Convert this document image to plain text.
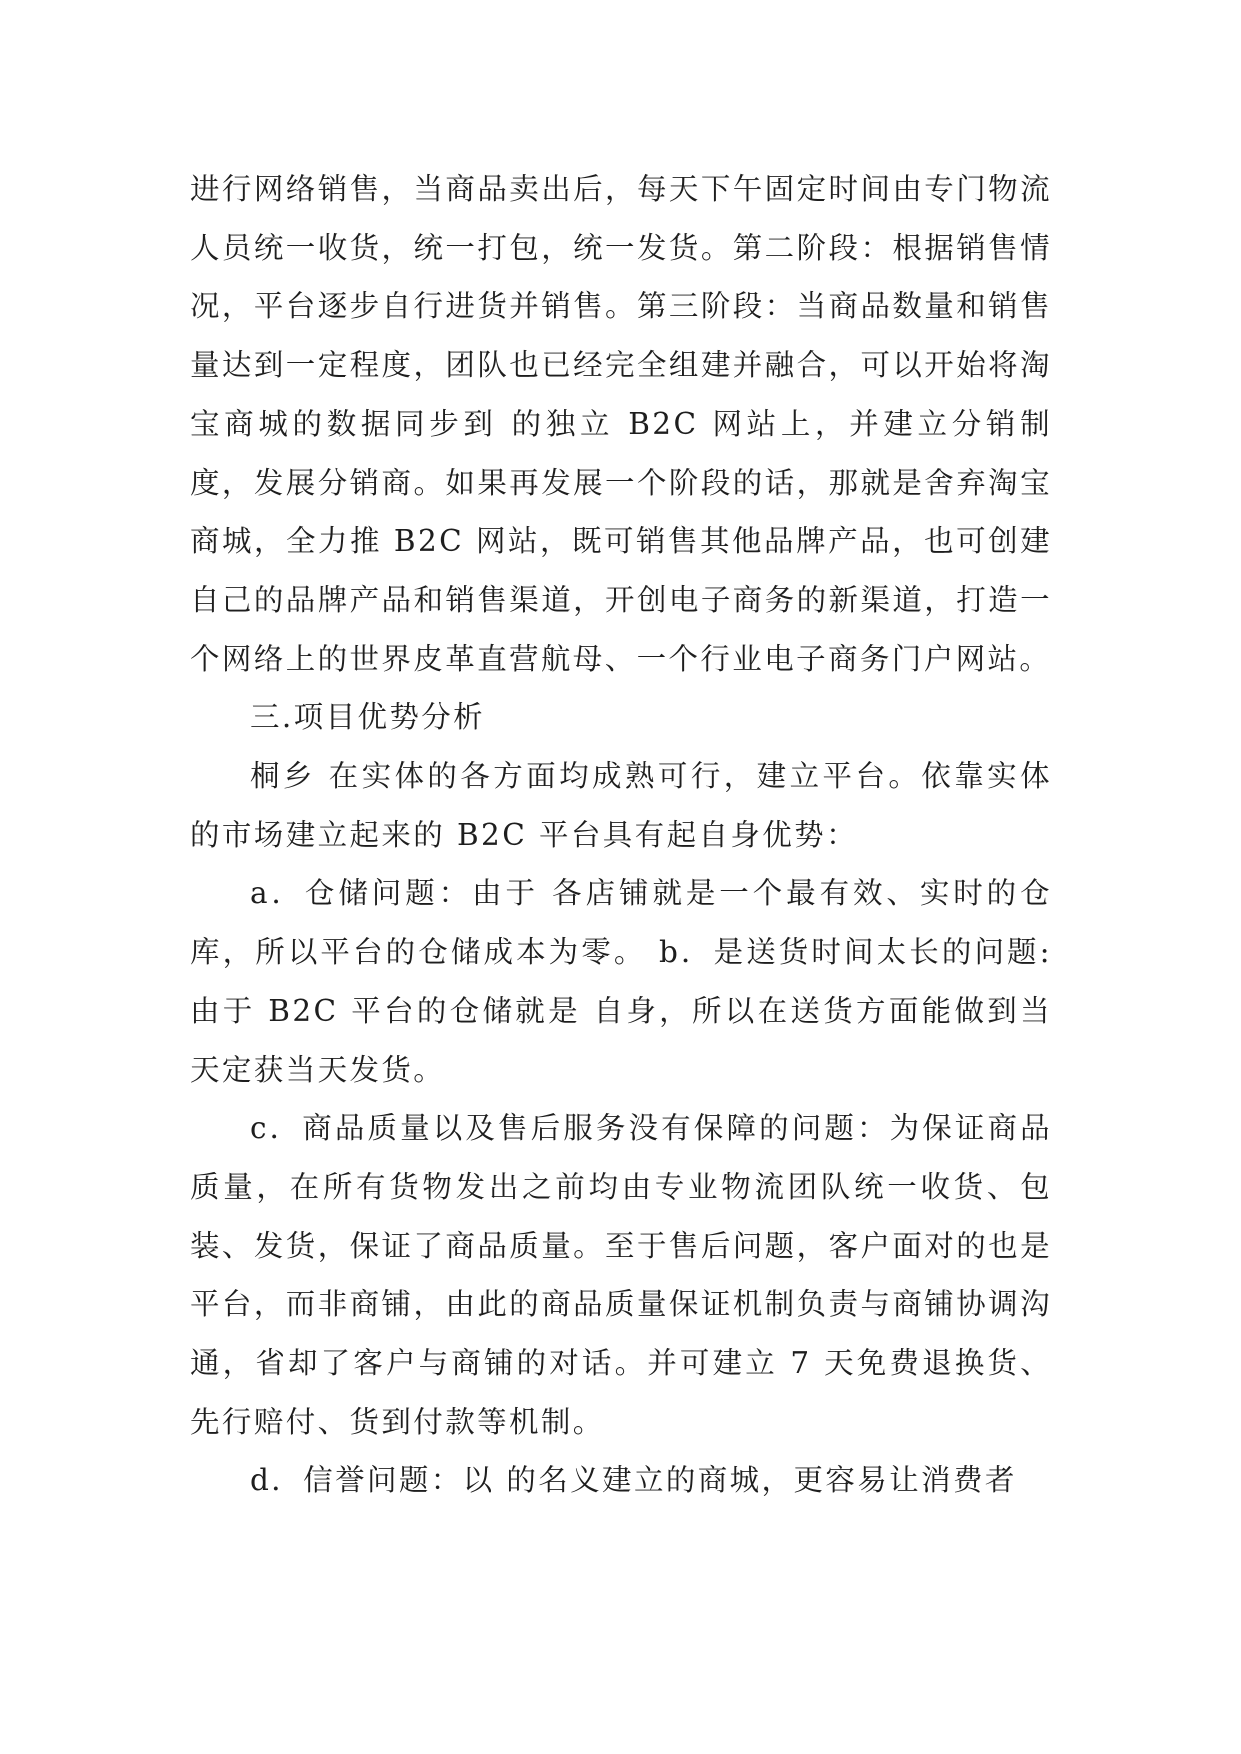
进行网络销售，当商品卖出后，每天下午固定时间由专门物流人员统一收货，统一打包，统一发货。第二阶段：根据销售情况，平台逐步自行进货并销售。第三阶段：当商品数量和销售量达到一定程度，团队也已经完全组建并融合，可以开始将淘宝商城的数据同步到 的独立 B2C 网站上，并建立分销制度，发展分销商。如果再发展一个阶段的话，那就是舍弃淘宝商城，全力推 B2C 网站，既可销售其他品牌产品，也可创建自己的品牌产品和销售渠道，开创电子商务的新渠道，打造一个网络上的世界皮革直营航母、一个行业电子商务门户网站。

三.项目优势分析

桐乡 在实体的各方面均成熟可行，建立平台。依靠实体的市场建立起来的 B2C 平台具有起自身优势：

a．仓储问题：由于 各店铺就是一个最有效、实时的仓库，所以平台的仓储成本为零。 b．是送货时间太长的问题:由于 B2C 平台的仓储就是 自身，所以在送货方面能做到当天定获当天发货。

c．商品质量以及售后服务没有保障的问题：为保证商品质量，在所有货物发出之前均由专业物流团队统一收货、包装、发货，保证了商品质量。至于售后问题，客户面对的也是平台，而非商铺，由此的商品质量保证机制负责与商铺协调沟通，省却了客户与商铺的对话。并可建立 7 天免费退换货、先行赔付、货到付款等机制。

d．信誉问题：以 的名义建立的商城，更容易让消费者
